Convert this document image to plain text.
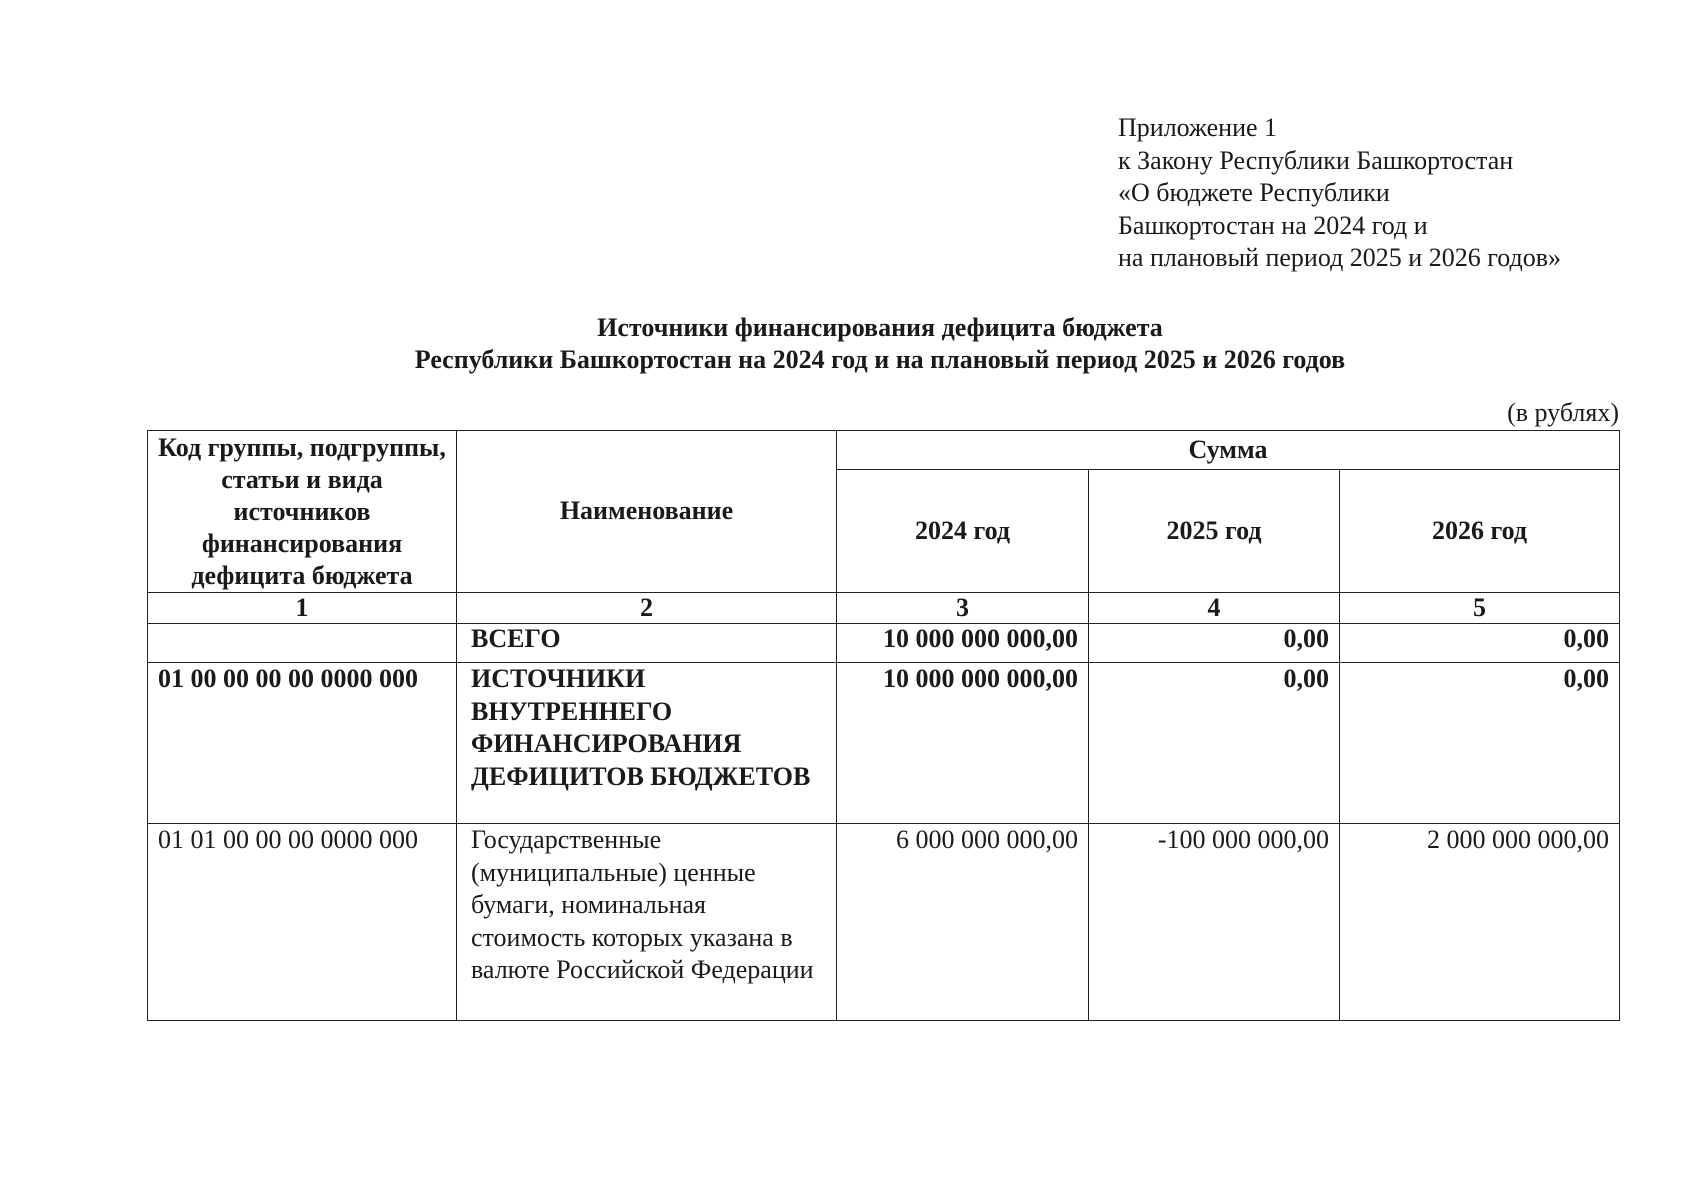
Приложение 1
к Закону Республики Башкортостан
«О бюджете Республики
Башкортостан на 2024 год и
на плановый период 2025 и 2026 годов»
Источники финансирования дефицита бюджета
Республики Башкортостан на 2024 год и на плановый период 2025 и 2026 годов
(в рублях)
Код группы, подгруппы, статьи и вида источников финансирования дефицита бюджета	Наименование	Сумма		
		2024 год	2025 год	2026 год
1	2	3	4	5
	ВСЕГО	10 000 000 000,00	0,00	0,00
01 00 00 00 00 0000 000	ИСТОЧНИКИ ВНУТРЕННЕГО ФИНАНСИРОВАНИЯ ДЕФИЦИТОВ БЮДЖЕТОВ	10 000 000 000,00	0,00	0,00
01 01 00 00 00 0000 000	Государственные (муниципальные) ценные бумаги, номинальная стоимость которых указана в валюте Российской Федерации	6 000 000 000,00	-100 000 000,00	2 000 000 000,00
